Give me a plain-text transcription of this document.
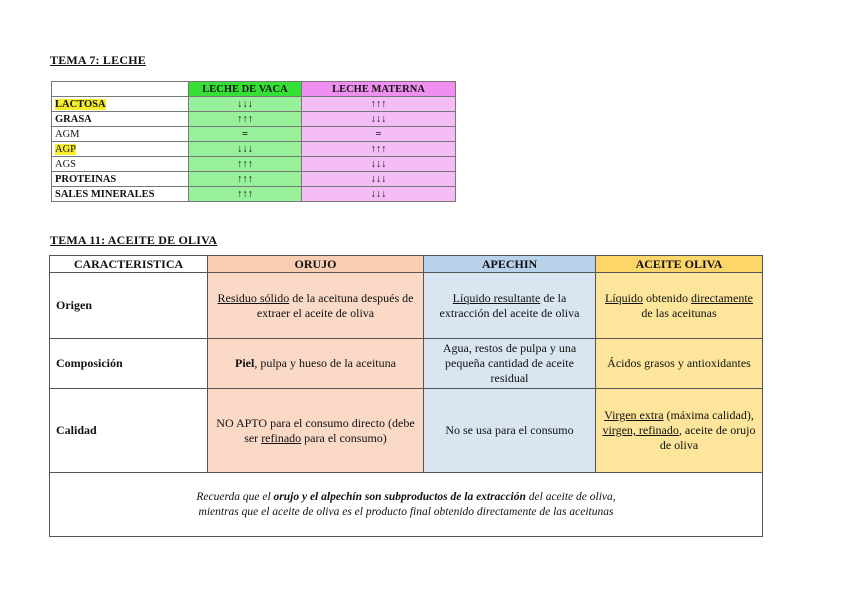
TEMA 7: LECHE
	LECHE DE VACA	LECHE MATERNA
LACTOSA	↓↓↓	↑↑↑
GRASA	↑↑↑	↓↓↓
AGM	=	=
AGP	↓↓↓	↑↑↑
AGS	↑↑↑	↓↓↓
PROTEINAS	↑↑↑	↓↓↓
SALES MINERALES	↑↑↑	↓↓↓
TEMA 11: ACEITE DE OLIVA
CARACTERISTICA	ORUJO	APECHIN	ACEITE OLIVA
Origen	Residuo sólido de la aceituna después de extraer el aceite de oliva	Líquido resultante de la extracción del aceite de oliva	Líquido obtenido directamente de las aceitunas
Composición	Piel, pulpa y hueso de la aceituna	Agua, restos de pulpa y una pequeña cantidad de aceite residual	Ácidos grasos y antioxidantes
Calidad	NO APTO para el consumo directo (debe ser refinado para el consumo)	No se usa para el consumo	Virgen extra (máxima calidad), virgen, refinado, aceite de orujo de oliva
Recuerda que el orujo y el alpechín son subproductos de la extracción del aceite de oliva,
mientras que el aceite de oliva es el producto final obtenido directamente de las aceitunas			
